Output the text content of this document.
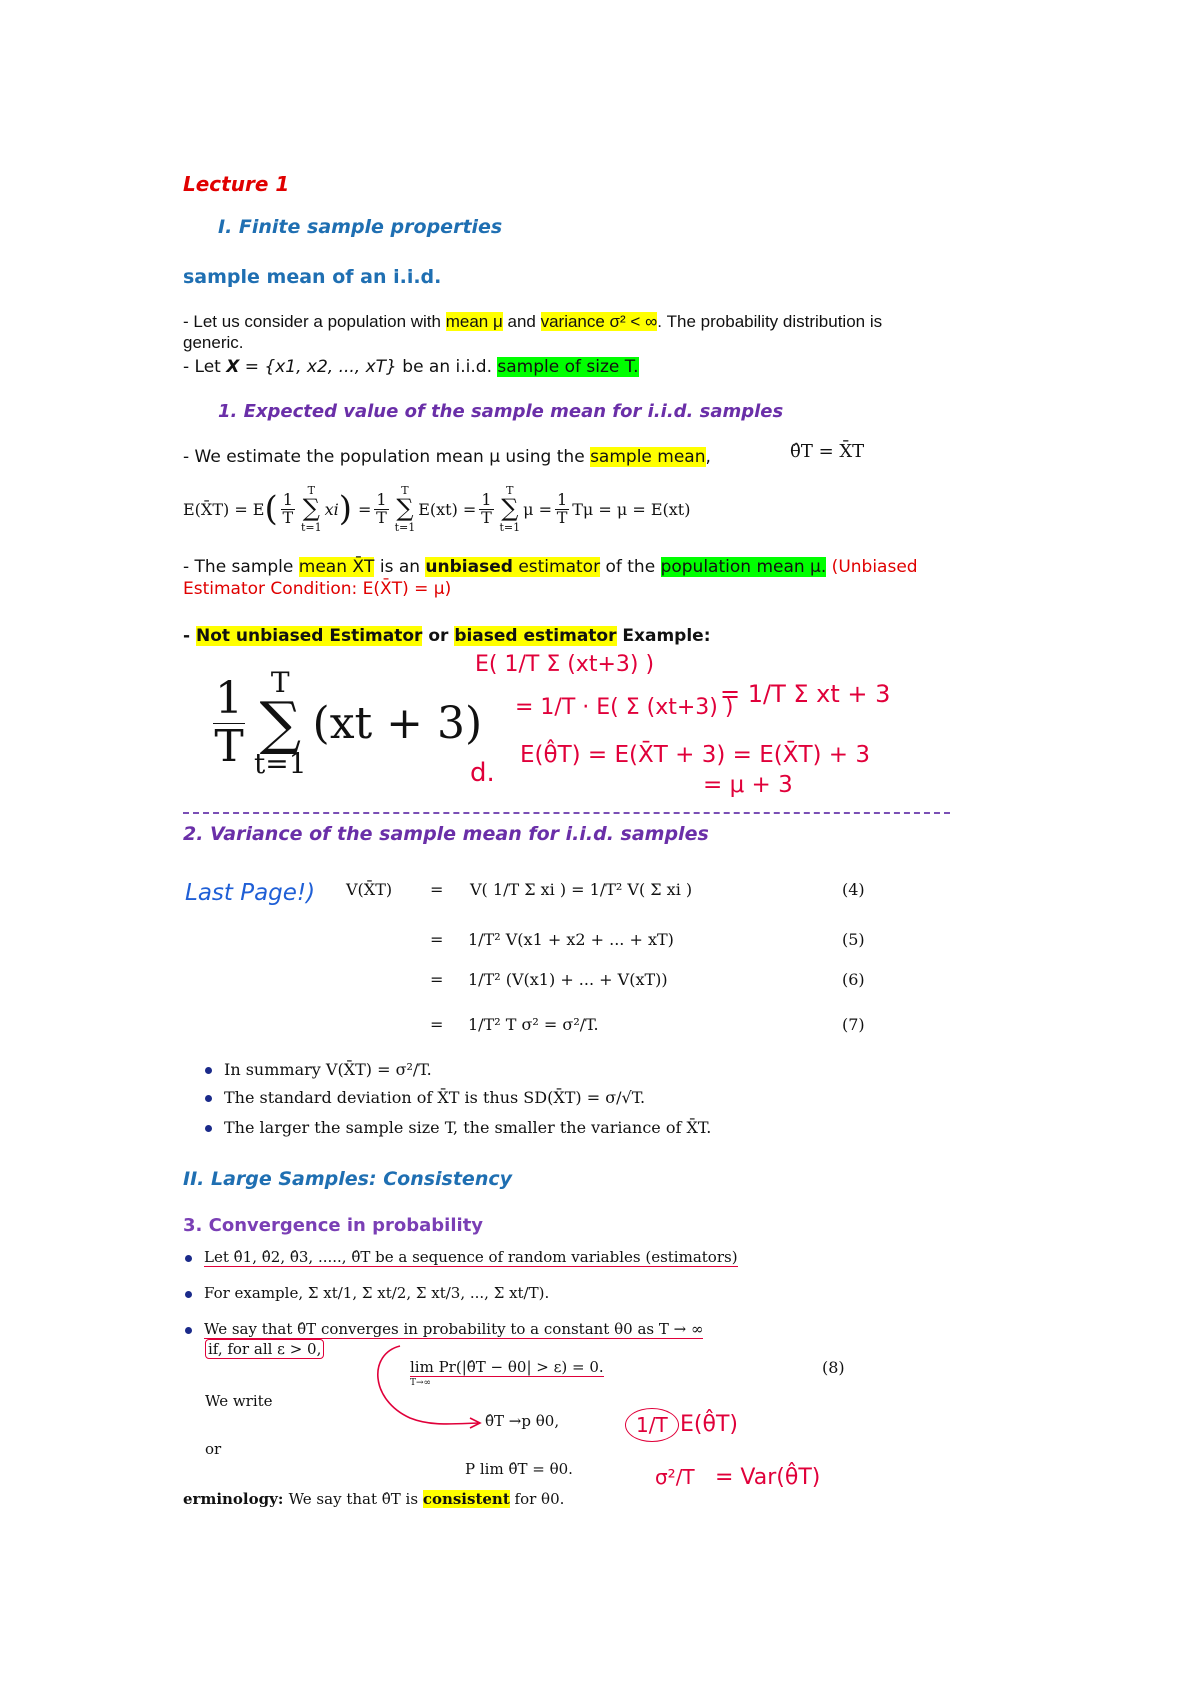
Lecture 1
I. Finite sample properties
sample mean of an i.i.d.
- Let us consider a population with mean μ and variance σ² < ∞. The probability distribution is
generic.
- Let X = {x1, x2, ..., xT} be an i.i.d. sample of size T.
1. Expected value of the sample mean for i.i.d. samples
- We estimate the population mean μ using the sample mean,	θ̂T = X̄T
E(X̄T) = E ( $\frac{1}{T}$
T
∑
t=1
xi ) = $\frac{1}{T}$
T
∑
t=1
$E(xt) = \frac{1}{T}$
T
∑
t=1
$\mu = \frac{1}{T}$ Tμ = μ = E(xt)
- The sample mean X̄T is an unbiased estimator of the population mean μ. (Unbiased
Estimator Condition: E(X̄T) = μ)
- Not unbiased Estimator or biased estimator Example:
$\frac{1}{T}$ T
∑
t=1
(xt + 3)
E( 1/T Σ (xt+3) )
= 1/T · E( Σ (xt+3) )
= 1/T Σ xt + 3
E(θ̂T) = E(X̄T + 3) = E(X̄T) + 3
= μ + 3
d.
2. Variance of the sample mean for i.i.d. samples
Last Page!) V(X̄T) = V( 1/T Σ xi ) = 1/T² V( Σ xi )	(4)
= 1/T² V(x1 + x2 + ... + xT)	(5)
= 1/T² (V(x1) + ... + V(xT))	(6)
= 1/T² T σ² = σ²/T.	(7)
In summary V(X̄T) = σ²/T.
The standard deviation of X̄T is thus SD(X̄T) = σ/√T.
The larger the sample size T, the smaller the variance of X̄T.
II. Large Samples: Consistency
3. Convergence in probability
Let θ̂1, θ̂2, θ̂3, ....., θ̂T be a sequence of random variables (estimators)
For example, Σ xt/1, Σ xt/2, Σ xt/3, ..., Σ xt/T).
We say that θ̂T converges in probability to a constant θ0 as T → ∞
if, for all ε > 0,
lim Pr(|θ̂T − θ0| > ε) = 0.
T→∞
(8)
We write
θ̂T →p θ0,
or
P lim θ̂T = θ0.
erminology: We say that θ̂T is consistent for θ0.
1/T E(θ̂T)
σ²/T = Var(θ̂T)
